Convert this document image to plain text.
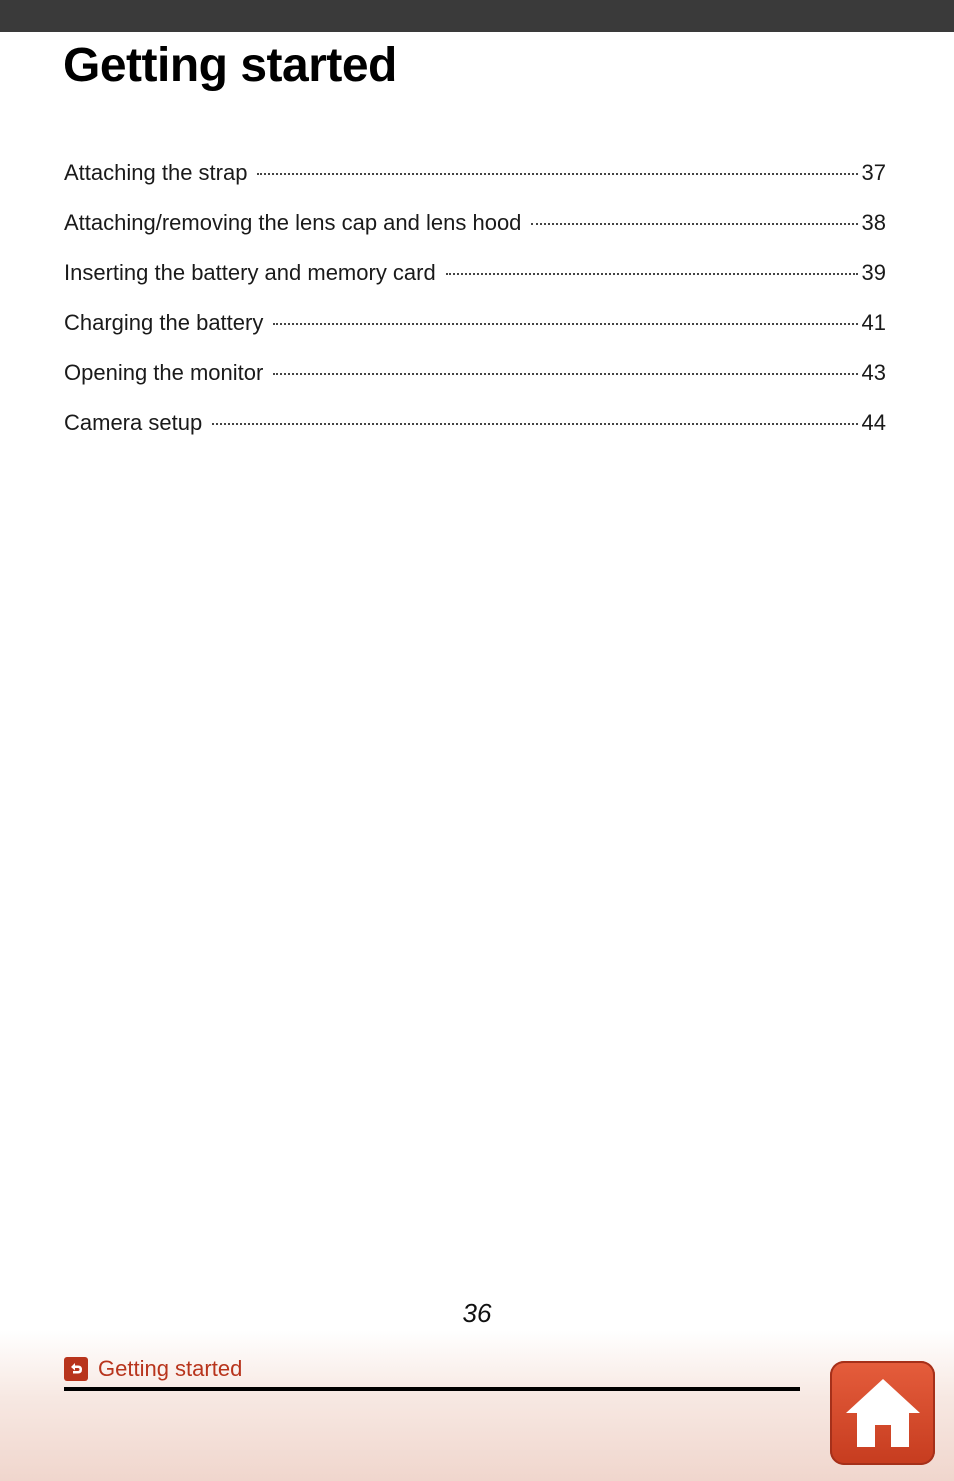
Getting started
Attaching the strap	37
Attaching/removing the lens cap and lens hood	38
Inserting the battery and memory card	39
Charging the battery	41
Opening the monitor	43
Camera setup	44
36
Getting started
